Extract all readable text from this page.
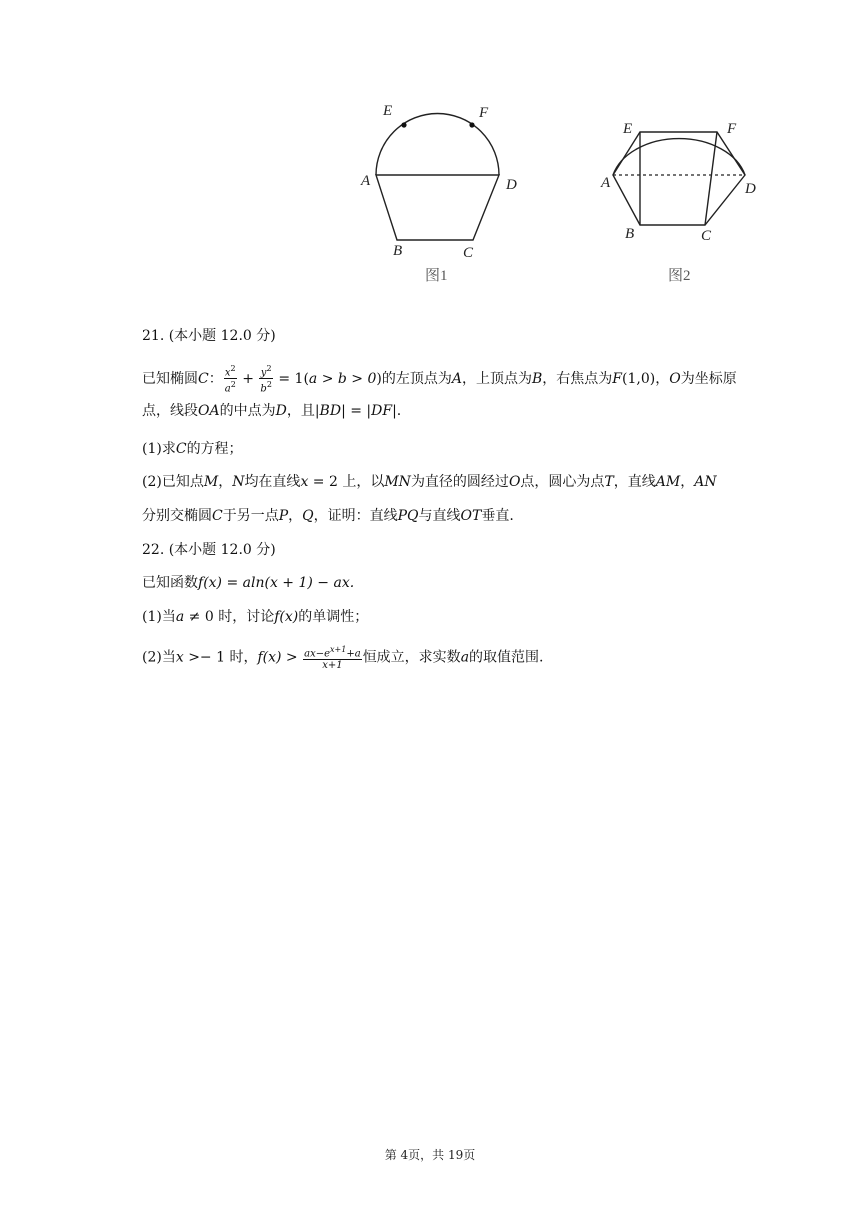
E	F
A	D
B	C
图1
E	F
A	D
B	C
图2
21. (本小题 12.0 分)
已知椭圆C： $\frac{x^2}{a^2} + \frac{y^2}{b^2} = 1(a > b > 0)$的左顶点为A，上顶点为B，右焦点为F(1,0)，O为坐标原
点，线段OA的中点为D，且|BD| = |DF|.
(1)求C的方程；
(2)已知点M，N均在直线x = 2 上，以MN为直径的圆经过O点，圆心为点T，直线AM，AN
分别交椭圆C于另一点P，Q，证明：直线PQ与直线OT垂直.
22. (本小题 12.0 分)
已知函数f(x) = aln(x + 1) − ax.
(1)当a ≠ 0 时，讨论f(x)的单调性；
(2)当x >− 1 时，$f(x) > \frac{ax-e^{x+1}+a}{x+1}$ 恒成立，求实数a的取值范围.
第 4页，共 19页
